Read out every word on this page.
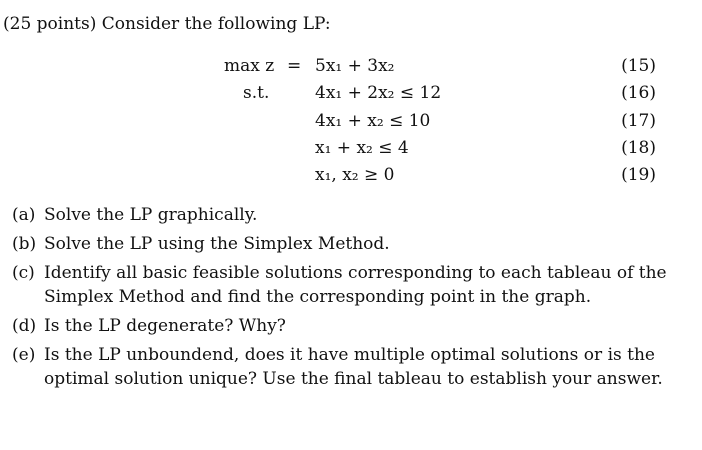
(25 points) Consider the following LP:
max z = 5x₁ + 3x₂	(15)
s.t.	4x₁ + 2x₂ ≤ 12	(16)
4x₁ + x₂ ≤ 10	(17)
x₁ + x₂ ≤ 4	(18)
x₁, x₂ ≥ 0	(19)
(a) Solve the LP graphically.
(b) Solve the LP using the Simplex Method.
(c) Identify all basic feasible solutions corresponding to each tableau of the Simplex Method and find the corresponding point in the graph.
(d) Is the LP degenerate? Why?
(e) Is the LP unboundend, does it have multiple optimal solutions or is the optimal solution unique? Use the final tableau to establish your answer.
